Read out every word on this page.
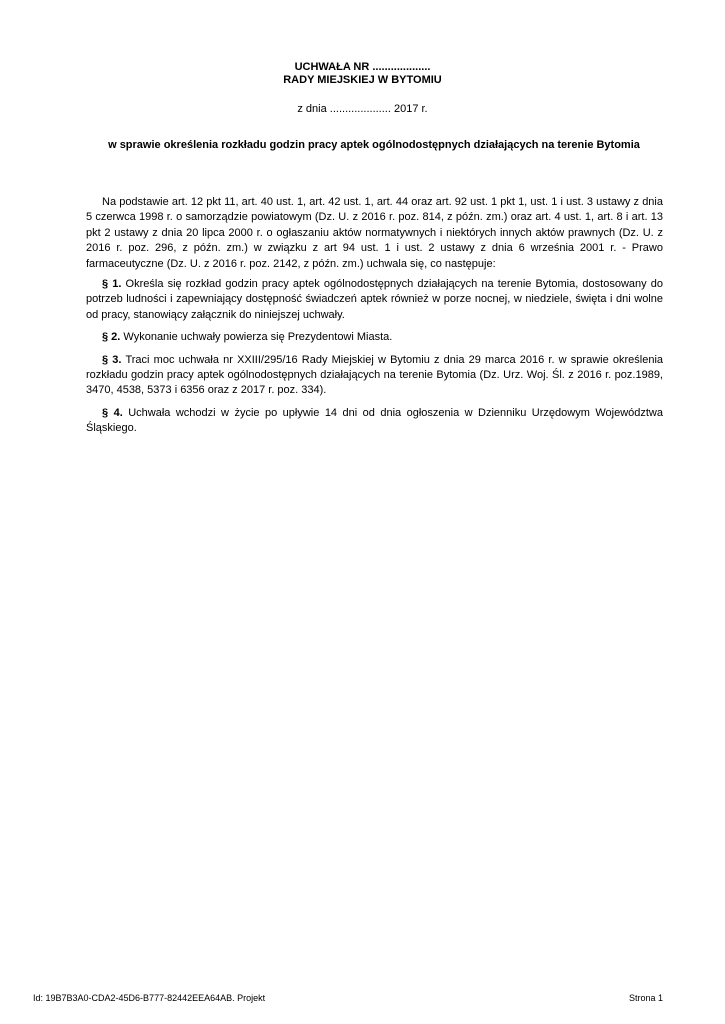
UCHWAŁA NR ...................
RADY MIEJSKIEJ W BYTOMIU
z dnia .................... 2017 r.
w sprawie określenia rozkładu godzin pracy aptek ogólnodostępnych działających na terenie Bytomia

Na podstawie art. 12 pkt 11, art. 40 ust. 1, art. 42 ust. 1, art. 44 oraz art. 92 ust. 1 pkt 1, ust. 1 i ust. 3 ustawy z dnia 5 czerwca 1998 r. o samorządzie powiatowym (Dz. U. z 2016 r. poz. 814, z późn. zm.) oraz art. 4 ust. 1, art. 8 i art. 13 pkt 2 ustawy z dnia 20 lipca 2000 r. o ogłaszaniu aktów normatywnych i niektórych innych aktów prawnych (Dz. U. z 2016 r. poz. 296, z późn. zm.) w związku z art 94 ust. 1 i ust. 2 ustawy z dnia 6 września 2001 r. - Prawo farmaceutyczne (Dz. U. z 2016 r. poz. 2142, z późn. zm.) uchwala się, co następuje:

§ 1. Określa się rozkład godzin pracy aptek ogólnodostępnych działających na terenie Bytomia, dostosowany do potrzeb ludności i zapewniający dostępność świadczeń aptek również w porze nocnej, w niedziele, święta i dni wolne od pracy, stanowiący załącznik do niniejszej uchwały.

§ 2. Wykonanie uchwały powierza się Prezydentowi Miasta.

§ 3. Traci moc uchwała nr XXIII/295/16 Rady Miejskiej w Bytomiu z dnia 29 marca 2016 r. w sprawie określenia rozkładu godzin pracy aptek ogólnodostępnych działających na terenie Bytomia (Dz. Urz. Woj. Śl. z 2016 r. poz.1989, 3470, 4538, 5373 i 6356 oraz z 2017 r. poz. 334).

§ 4. Uchwała wchodzi w życie po upływie 14 dni od dnia ogłoszenia w Dzienniku Urzędowym Województwa Śląskiego.

Id: 19B7B3A0-CDA2-45D6-B777-82442EEA64AB. Projekt	Strona 1
